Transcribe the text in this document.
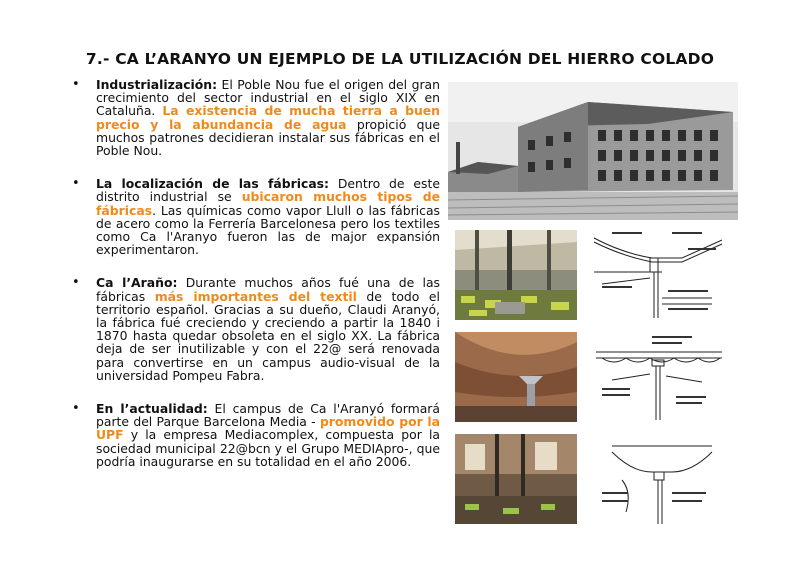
7.- CA L’ARANYO UN EJEMPLO DE LA UTILIZACIÓN DEL HIERRO COLADO
• Industrialización: El Poble Nou fue el origen del gran crecimiento del sector industrial en el siglo XIX en Cataluña. La existencia de mucha tierra a buen precio y la abundancia de agua propició que muchos patrones decidieran instalar sus fábricas en el Poble Nou.
• La localización de las fábricas: Dentro de este distrito industrial se ubicaron muchos tipos de fábricas. Las químicas como vapor Llull o las fábricas de acero como la Ferrería Barcelonesa pero los textiles como Ca l'Aranyo fueron las de major expansión experimentaron.
• Ca l’Araño: Durante muchos años fué una de las fábricas más importantes del textil de todo el territorio español. Gracias a su dueño, Claudi Aranyó, la fábrica fué creciendo y creciendo a partir la 1840 i 1870 hasta quedar obsoleta en el siglo XX. La fábrica deja de ser inutilizable y con el 22@ será renovada para convertirse en un campus audio-visual de la universidad Pompeu Fabra.
• En l’actualidad: El campus de Ca l'Aranyó formará parte del Parque Barcelona Media - promovido por la UPF y la empresa Mediacomplex, compuesta por la sociedad municipal 22@bcn y el Grupo MEDIApro-, que podría inaugurarse en su totalidad en el año 2006.
